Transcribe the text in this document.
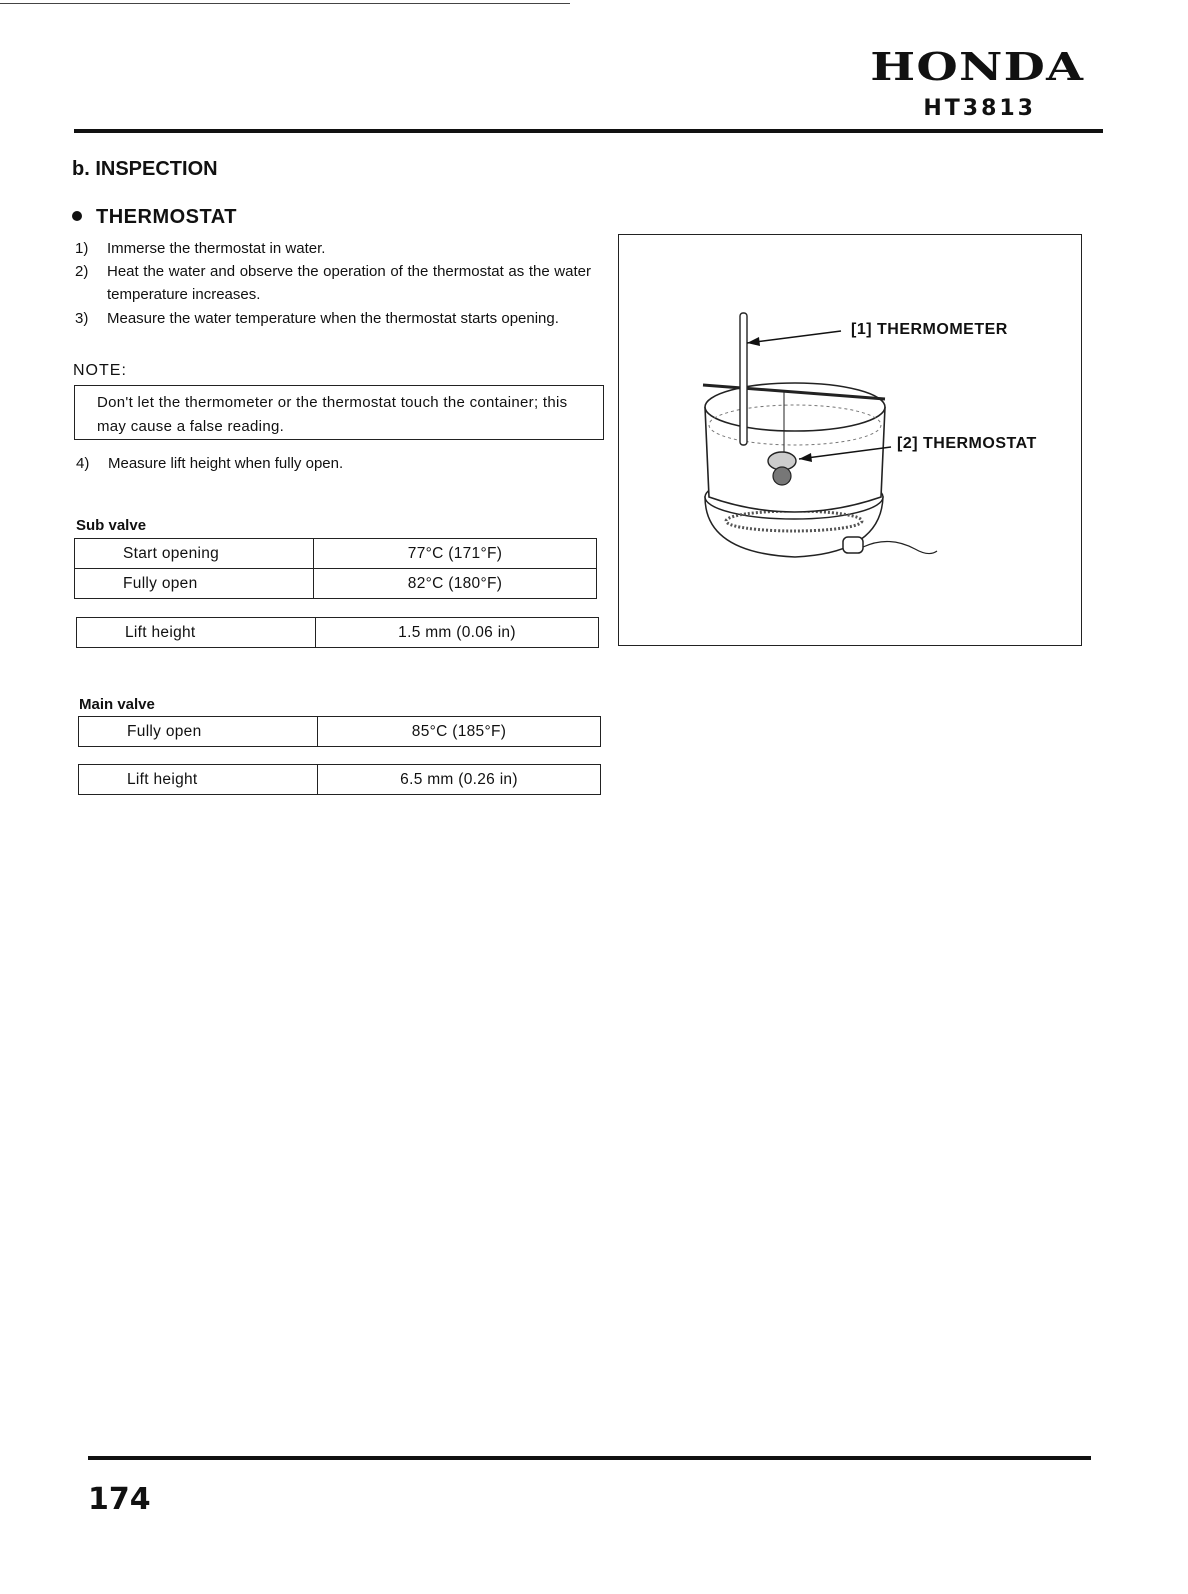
HONDA
HT3813
b. INSPECTION
THERMOSTAT
1) Immerse the thermostat in water.
2) Heat the water and observe the operation of the thermostat as the water temperature increases.
3) Measure the water temperature when the thermostat starts opening.
NOTE:
Don't let the thermometer or the thermostat touch the container; this may cause a false reading.
4) Measure lift height when fully open.
Sub valve
Start opening	77°C (171°F)
Fully open	82°C (180°F)
Lift height	1.5 mm (0.06 in)
Main valve
Fully open	85°C (185°F)
Lift height	6.5 mm (0.26 in)
[1] THERMOMETER
[2] THERMOSTAT
174
